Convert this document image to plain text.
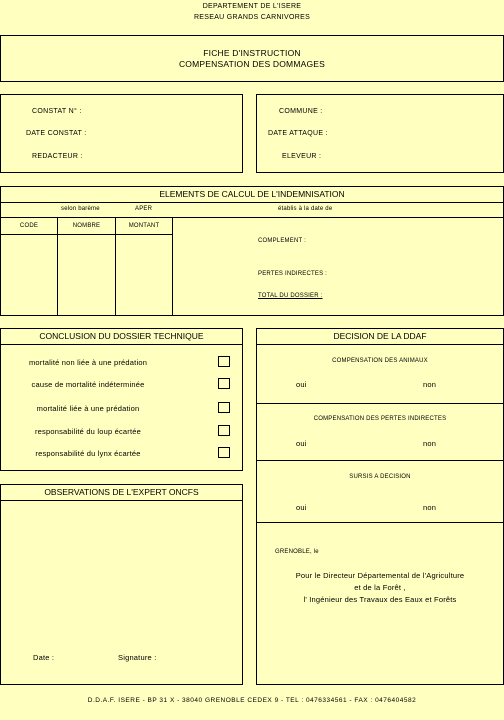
DEPARTEMENT DE L'ISERE
RESEAU GRANDS CARNIVORES
FICHE D'INSTRUCTION
COMPENSATION DES DOMMAGES
CONSTAT N° :
DATE CONSTAT :
REDACTEUR :
COMMUNE :
DATE ATTAQUE :
ELEVEUR :
ELEMENTS DE CALCUL DE L'INDEMNISATION
selon barème	APER	établis à la date de
CODE	NOMBRE	MONTANT
COMPLEMENT :
PERTES INDIRECTES :
TOTAL DU DOSSIER :
CONCLUSION DU DOSSIER TECHNIQUE
mortalité non liée à une prédation
cause de mortalité indéterminée
mortalité liée à une prédation
responsabilité du loup écartée
responsabilité du lynx écartée
OBSERVATIONS DE L'EXPERT ONCFS
Date :	Signature :
DECISION DE LA DDAF
COMPENSATION DES ANIMAUX
oui	non
COMPENSATION DES PERTES INDIRECTES
oui	non
SURSIS A DECISION
oui	non
GRENOBLE, le
Pour le Directeur Départemental de l'Agriculture
et de la Forêt ,
l' Ingénieur des Travaux des Eaux et Forêts
D.D.A.F. ISERE - BP 31 X - 38040 GRENOBLE CEDEX 9 - TEL : 0476334561 - FAX : 0476404582
